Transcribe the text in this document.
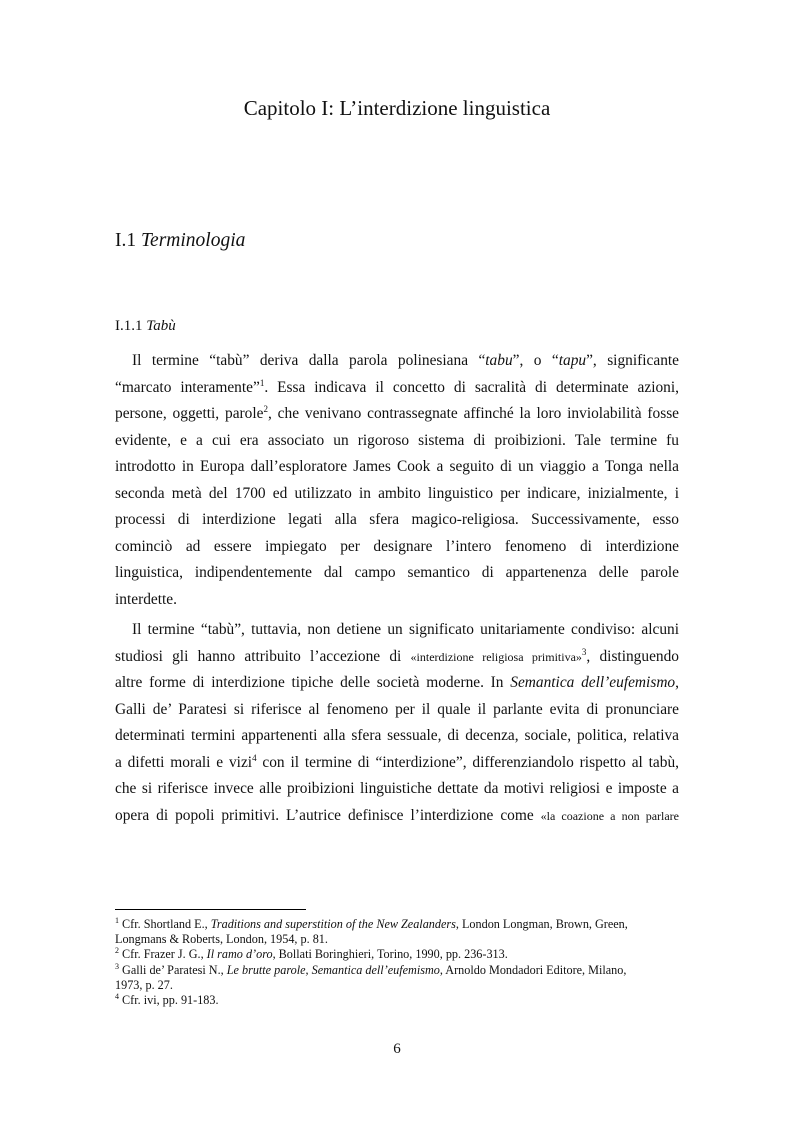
Capitolo I: L’interdizione linguistica
I.1 Terminologia
I.1.1 Tabù
Il termine “tabù” deriva dalla parola polinesiana “tabu”, o “tapu”, significante
“marcato interamente”$^1$. Essa indicava il concetto di sacralità di determinate azioni,
persone, oggetti, parole$^2$, che venivano contrassegnate affinché la loro inviolabilità fosse
evidente, e a cui era associato un rigoroso sistema di proibizioni. Tale termine fu
introdotto in Europa dall’esploratore James Cook a seguito di un viaggio a Tonga nella
seconda metà del 1700 ed utilizzato in ambito linguistico per indicare, inizialmente, i
processi di interdizione legati alla sfera magico-religiosa. Successivamente, esso
cominciò ad essere impiegato per designare l’intero fenomeno di interdizione
linguistica, indipendentemente dal campo semantico di appartenenza delle parole
interdette.
Il termine “tabù”, tuttavia, non detiene un significato unitariamente condiviso: alcuni
studiosi gli hanno attribuito l’accezione di «interdizione religiosa primitiva»$^3$, distinguendo
altre forme di interdizione tipiche delle società moderne. In Semantica dell’eufemismo,
Galli de’ Paratesi si riferisce al fenomeno per il quale il parlante evita di pronunciare
determinati termini appartenenti alla sfera sessuale, di decenza, sociale, politica, relativa
a difetti morali e vizi$^4$ con il termine di “interdizione”, differenziandolo rispetto al tabù,
che si riferisce invece alle proibizioni linguistiche dettate da motivi religiosi e imposte a
opera di popoli primitivi. L’autrice definisce l’interdizione come «la coazione a non parlare
$^1$ Cfr. Shortland E., Traditions and superstition of the New Zealanders, London Longman, Brown, Green,
Longmans & Roberts, London, 1954, p. 81.
$^2$ Cfr. Frazer J. G., Il ramo d’oro, Bollati Boringhieri, Torino, 1990, pp. 236-313.
$^3$ Galli de’ Paratesi N., Le brutte parole, Semantica dell’eufemismo, Arnoldo Mondadori Editore, Milano,
1973, p. 27.
$^4$ Cfr. ivi, pp. 91-183.
6
